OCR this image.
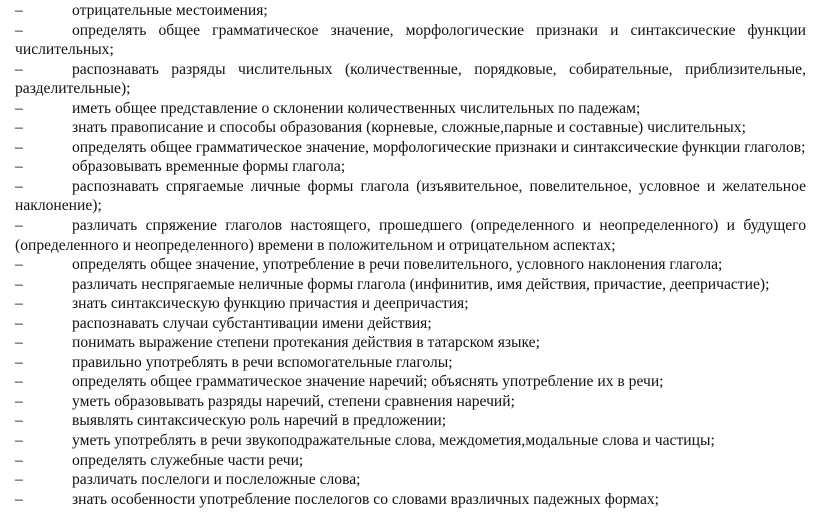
–	отрицательные местоимения;
–	определять общее грамматическое значение, морфологические признаки и синтаксические функции
числительных;
–	распознавать разряды числительных (количественные, порядковые, собирательные, приблизительные,
разделительные);
–	иметь общее представление о склонении количественных числительных по падежам;
–	знать правописание и способы образования (корневые, сложные,парные и составные) числительных;
–	определять общее грамматическое значение, морфологические признаки и синтаксические функции глаголов;
–	образовывать временные формы глагола;
–	распознавать спрягаемые личные формы глагола (изъявительное, повелительное, условное и желательное
наклонение);
–	различать спряжение глаголов настоящего, прошедшего (определенного и неопределенного) и будущего
(определенного и неопределенного) времени в положительном и отрицательном аспектах;
–	определять общее значение, употребление в речи повелительного, условного наклонения глагола;
–	различать неспрягаемые неличные формы глагола (инфинитив, имя действия, причастие, деепричастие);
–	знать синтаксическую функцию причастия и деепричастия;
–	распознавать случаи субстантивации имени действия;
–	понимать выражение степени протекания действия в татарском языке;
–	правильно употреблять в речи вспомогательные глаголы;
–	определять общее грамматическое значение наречий; объяснять употребление их в речи;
–	уметь образовывать разряды наречий, степени сравнения наречий;
–	выявлять синтаксическую роль наречий в предложении;
–	уметь употреблять в речи звукоподражательные слова, междометия,модальные слова и частицы;
–	определять служебные части речи;
–	различать послелоги и послеложные слова;
–	знать особенности употребление послелогов со словами вразличных падежных формах;
